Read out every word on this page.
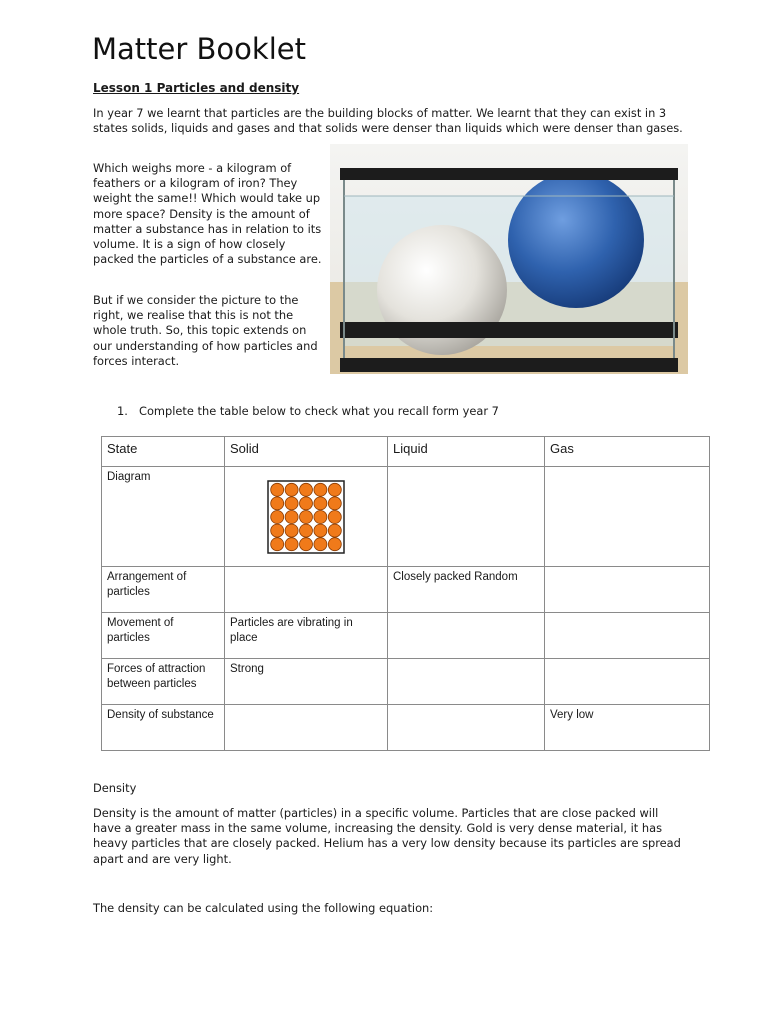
Matter Booklet
Lesson 1 Particles and density

In year 7 we learnt that particles are the building blocks of matter. We learnt that they can exist in 3 states solids, liquids and gases and that solids were denser than liquids which were denser than gases.

Which weighs more - a kilogram of feathers or a kilogram of iron? They weight the same!! Which would take up more space? Density is the amount of matter a substance has in relation to its volume. It is a sign of how closely packed the particles of a substance are.

But if we consider the picture to the right, we realise that this is not the whole truth. So, this topic extends on our understanding of how particles and forces interact.

1. Complete the table below to check what you recall form year 7
State	Solid	Liquid	Gas
Diagram	

Arrangement of particles		Closely packed Random	
Movement of particles	Particles are vibrating in place		
Forces of attraction between particles	Strong		
Density of substance			Very low

Density

Density is the amount of matter (particles) in a specific volume. Particles that are close packed will have a greater mass in the same volume, increasing the density. Gold is very dense material, it has heavy particles that are closely packed. Helium has a very low density because its particles are spread apart and are very light.

The density can be calculated using the following equation:
